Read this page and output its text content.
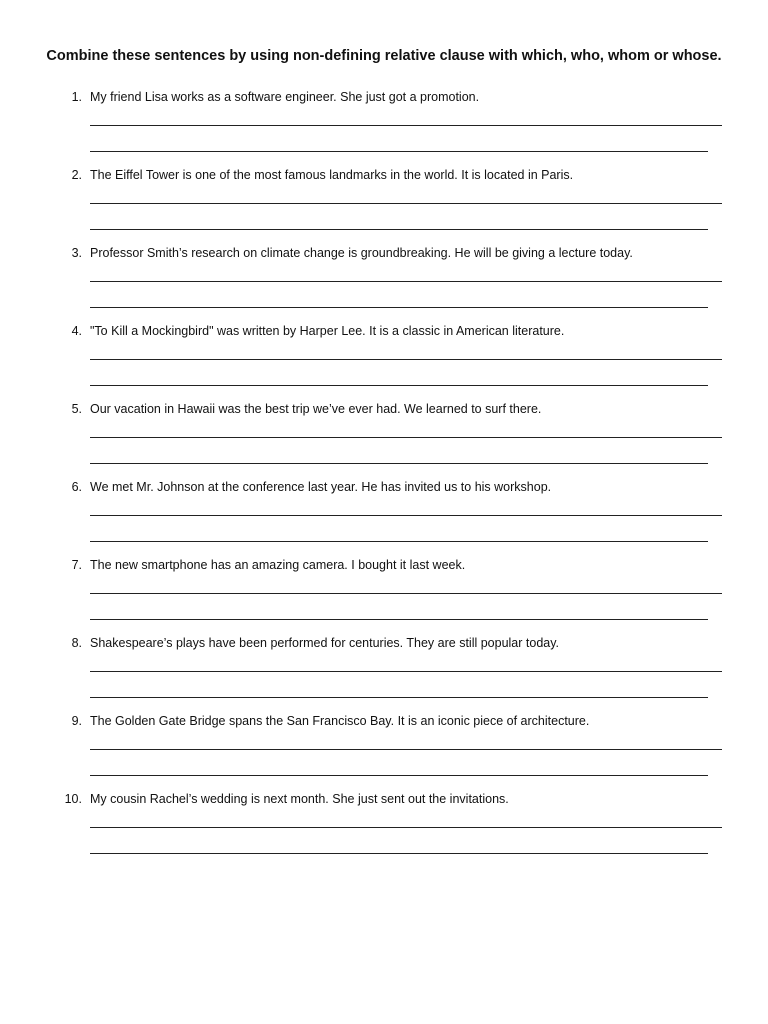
Combine these sentences by using non-defining relative clause with which, who, whom or whose.
1. My friend Lisa works as a software engineer. She just got a promotion.
2. The Eiffel Tower is one of the most famous landmarks in the world. It is located in Paris.
3. Professor Smith’s research on climate change is groundbreaking. He will be giving a lecture today.
4. "To Kill a Mockingbird" was written by Harper Lee. It is a classic in American literature.
5. Our vacation in Hawaii was the best trip we’ve ever had. We learned to surf there.
6. We met Mr. Johnson at the conference last year. He has invited us to his workshop.
7. The new smartphone has an amazing camera. I bought it last week.
8. Shakespeare’s plays have been performed for centuries. They are still popular today.
9. The Golden Gate Bridge spans the San Francisco Bay. It is an iconic piece of architecture.
10. My cousin Rachel’s wedding is next month. She just sent out the invitations.
